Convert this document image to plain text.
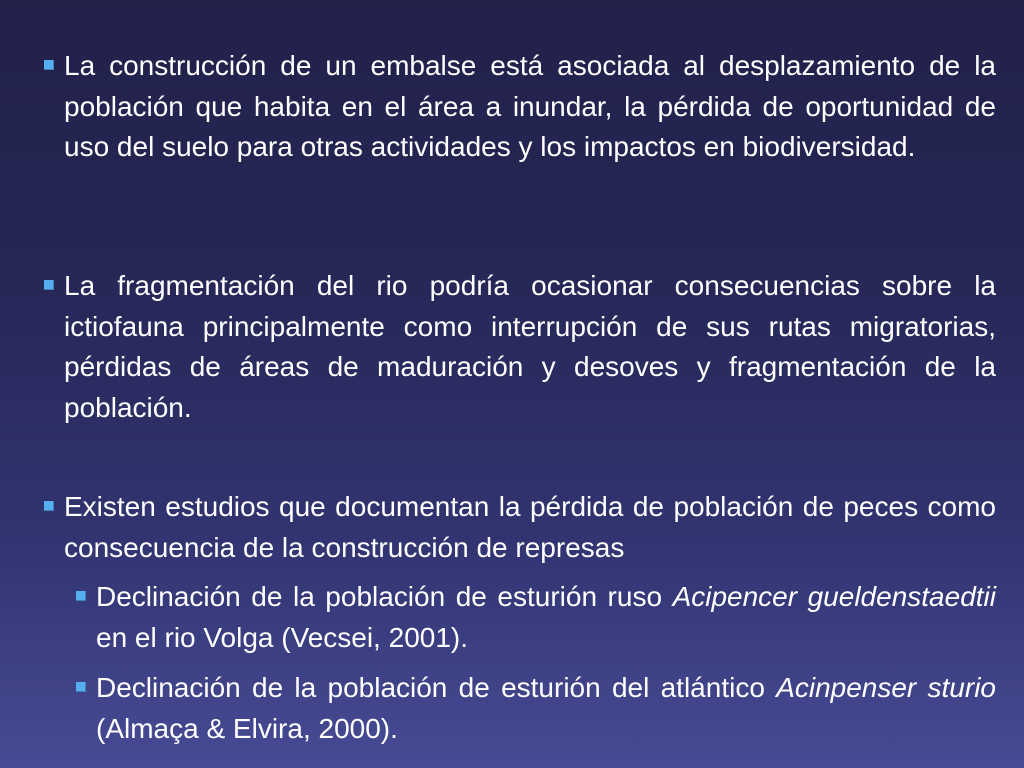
La construcción de un embalse está asociada al desplazamiento de la población que habita en el área a inundar, la pérdida de oportunidad de uso del suelo para otras actividades y los impactos en biodiversidad.
La fragmentación del rio podría ocasionar consecuencias sobre la ictiofauna principalmente como interrupción de sus rutas migratorias, pérdidas de áreas de maduración y desoves y fragmentación de la población.
Existen estudios que documentan la pérdida de población de peces como consecuencia de la construcción de represas
Declinación de la población de esturión ruso Acipencer gueldenstaedtii en el rio Volga (Vecsei, 2001).
Declinación de la población de esturión del atlántico Acinpenser sturio (Almaça & Elvira, 2000).
